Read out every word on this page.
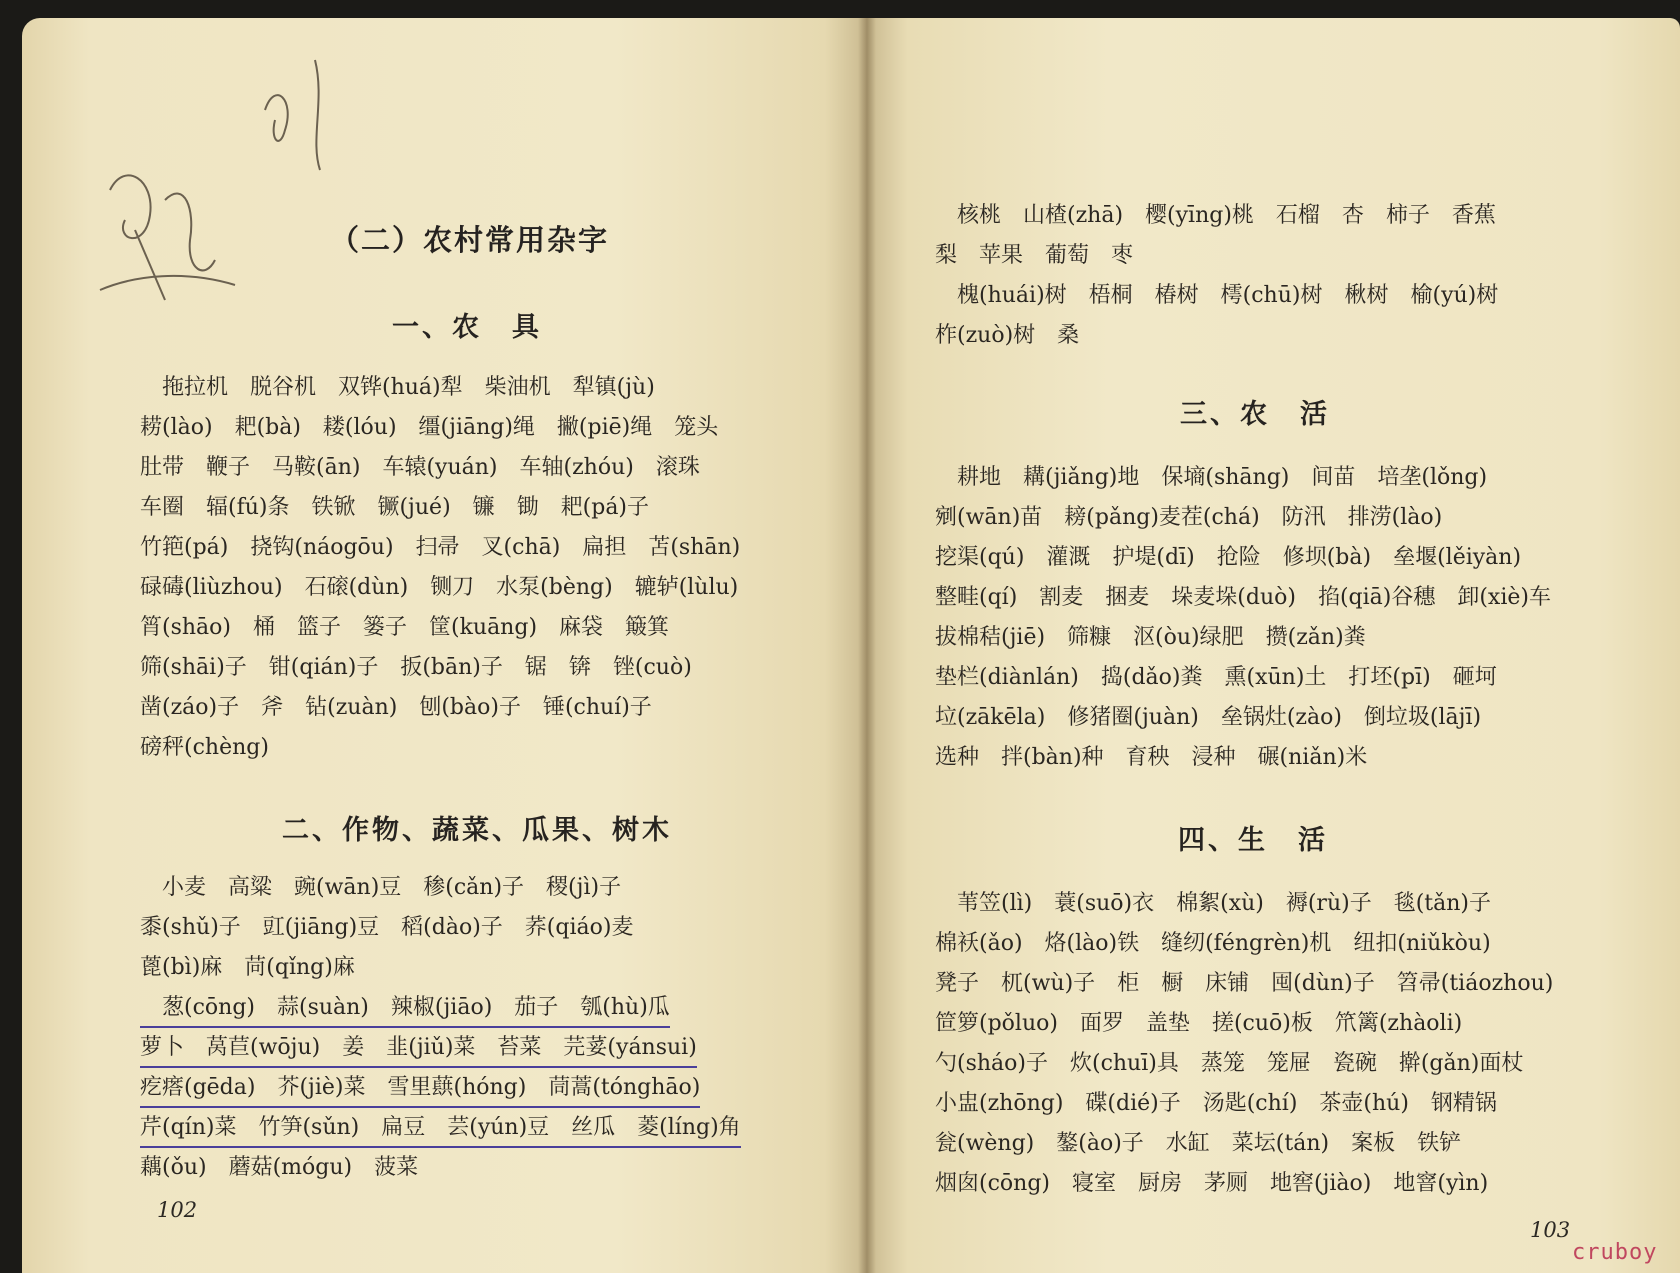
（二）农村常用杂字
一、农　具
　拖拉机　脱谷机　双铧(huá)犁　柴油机　犁镇(jù)
耢(lào)　耙(bà)　耧(lóu)　缰(jiāng)绳　撇(piē)绳　笼头
肚带　鞭子　马鞍(ān)　车辕(yuán)　车轴(zhóu)　滚珠
车圈　辐(fú)条　铁锨　镢(jué)　镰　锄　耙(pá)子
竹筢(pá)　挠钩(náogōu)　扫帚　叉(chā)　扁担　苫(shān)
碌碡(liùzhou)　石磙(dùn)　铡刀　水泵(bèng)　辘轳(lùlu)
筲(shāo)　桶　篮子　篓子　筐(kuāng)　麻袋　簸箕
筛(shāi)子　钳(qián)子　扳(bān)子　锯　锛　锉(cuò)
凿(záo)子　斧　钻(zuàn)　刨(bào)子　锤(chuí)子
磅秤(chèng)
二、作物、蔬菜、瓜果、树木
　小麦　高粱　豌(wān)豆　䅟(cǎn)子　稷(jì)子
黍(shǔ)子　豇(jiāng)豆　稻(dào)子　荞(qiáo)麦
蓖(bì)麻　苘(qǐng)麻
　葱(cōng)　蒜(suàn)　辣椒(jiāo)　茄子　瓠(hù)瓜
萝卜　莴苣(wōju)　姜　韭(jiǔ)菜　苔菜　芫荽(yánsui)
疙瘩(gēda)　芥(jiè)菜　雪里蕻(hóng)　茼蒿(tónghāo)
芹(qín)菜　竹笋(sǔn)　扁豆　芸(yún)豆　丝瓜　菱(líng)角
藕(ǒu)　蘑菇(mógu)　菠菜
102
　核桃　山楂(zhā)　樱(yīng)桃　石榴　杏　柿子　香蕉
梨　苹果　葡萄　枣
　槐(huái)树　梧桐　椿树　樗(chū)树　楸树　榆(yú)树
柞(zuò)树　桑
三、农　活
　耕地　耩(jiǎng)地　保墒(shāng)　间苗　培垄(lǒng)
剜(wān)苗　耪(pǎng)麦茬(chá)　防汛　排涝(lào)
挖渠(qú)　灌溉　护堤(dī)　抢险　修坝(bà)　垒堰(lěiyàn)
整畦(qí)　割麦　捆麦　垛麦垛(duò)　掐(qiā)谷穗　卸(xiè)车
拔棉秸(jiē)　筛糠　沤(òu)绿肥　攒(zǎn)粪
垫栏(diànlán)　捣(dǎo)粪　熏(xūn)土　打坯(pī)　砸坷
垃(zākēla)　修猪圈(juàn)　垒锅灶(zào)　倒垃圾(lājī)
选种　拌(bàn)种　育秧　浸种　碾(niǎn)米
四、生　活
　苇笠(lì)　蓑(suō)衣　棉絮(xù)　褥(rù)子　毯(tǎn)子
棉袄(ǎo)　烙(lào)铁　缝纫(féngrèn)机　纽扣(niǔkòu)
凳子　杌(wù)子　柜　橱　床铺　囤(dùn)子　笤帚(tiáozhou)
笸箩(pǒluo)　面罗　盖垫　搓(cuō)板　笊篱(zhàoli)
勺(sháo)子　炊(chuī)具　蒸笼　笼屉　瓷碗　擀(gǎn)面杖
小盅(zhōng)　碟(dié)子　汤匙(chí)　茶壶(hú)　钢精锅
瓮(wèng)　鏊(ào)子　水缸　菜坛(tán)　案板　铁铲
烟囱(cōng)　寝室　厨房　茅厕　地窖(jiào)　地窨(yìn)
103
cruboy
